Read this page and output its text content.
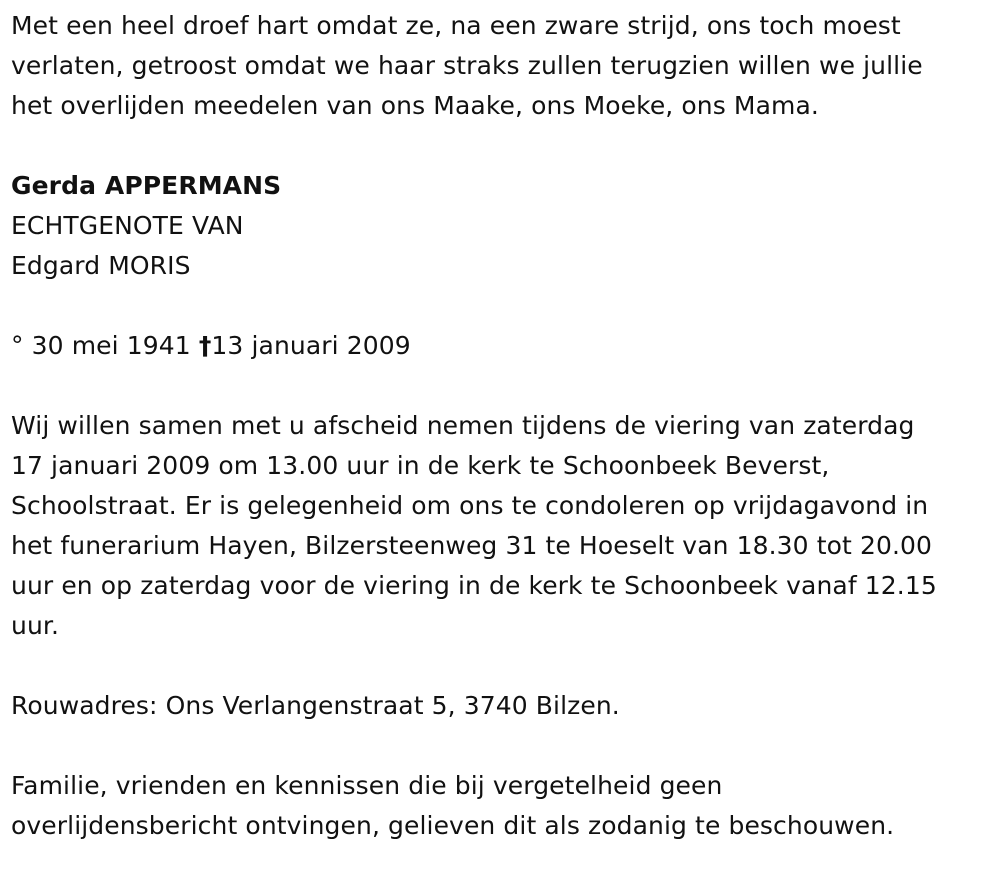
Met een heel droef hart omdat ze, na een zware strijd, ons toch moest
verlaten, getroost omdat we haar straks zullen terugzien willen we jullie
het overlijden meedelen van ons Maake, ons Moeke, ons Mama.
Gerda APPERMANS
ECHTGENOTE VAN
Edgard MORIS
° 30 mei 1941 †13 januari 2009
Wij willen samen met u afscheid nemen tijdens de viering van zaterdag
17 januari 2009 om 13.00 uur in de kerk te Schoonbeek Beverst,
Schoolstraat. Er is gelegenheid om ons te condoleren op vrijdagavond in
het funerarium Hayen, Bilzersteenweg 31 te Hoeselt van 18.30 tot 20.00
uur en op zaterdag voor de viering in de kerk te Schoonbeek vanaf 12.15
uur.
Rouwadres: Ons Verlangenstraat 5, 3740 Bilzen.
Familie, vrienden en kennissen die bij vergetelheid geen
overlijdensbericht ontvingen, gelieven dit als zodanig te beschouwen.
